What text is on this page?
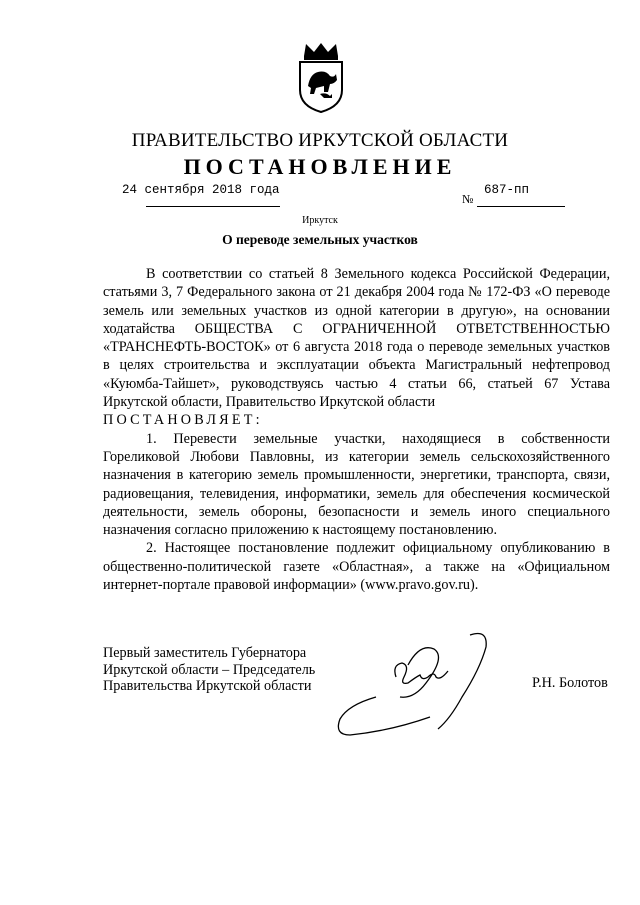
ПРАВИТЕЛЬСТВО ИРКУТСКОЙ ОБЛАСТИ
ПОСТАНОВЛЕНИЕ
24 сентября 2018 года
№
687-пп
Иркутск
О переводе земельных участков

В соответствии со статьей 8 Земельного кодекса Российской Федерации, статьями 3, 7 Федерального закона от 21 декабря 2004 года № 172-ФЗ «О переводе земель или земельных участков из одной категории в другую», на основании ходатайства ОБЩЕСТВА С ОГРАНИЧЕННОЙ ОТВЕТСТВЕННОСТЬЮ «ТРАНСНЕФТЬ-ВОСТОК» от 6 августа 2018 года о переводе земельных участков в целях строительства и эксплуатации объекта Магистральный нефтепровод «Куюмба-Тайшет», руководствуясь частью 4 статьи 66, статьей 67 Устава Иркутской области, Правительство Иркутской области

ПОСТАНОВЛЯЕТ:

1. Перевести земельные участки, находящиеся в собственности Гореликовой Любови Павловны, из категории земель сельскохозяйственного назначения в категорию земель промышленности, энергетики, транспорта, связи, радиовещания, телевидения, информатики, земель для обеспечения космической деятельности, земель обороны, безопасности и земель иного специального назначения согласно приложению к настоящему постановлению.

2. Настоящее постановление подлежит официальному опубликованию в общественно-политической газете «Областная», а также на «Официальном интернет-портале правовой информации» (www.pravo.gov.ru).

Первый заместитель Губернатора
Иркутской области – Председатель
Правительства Иркутской области	Р.Н. Болотов
